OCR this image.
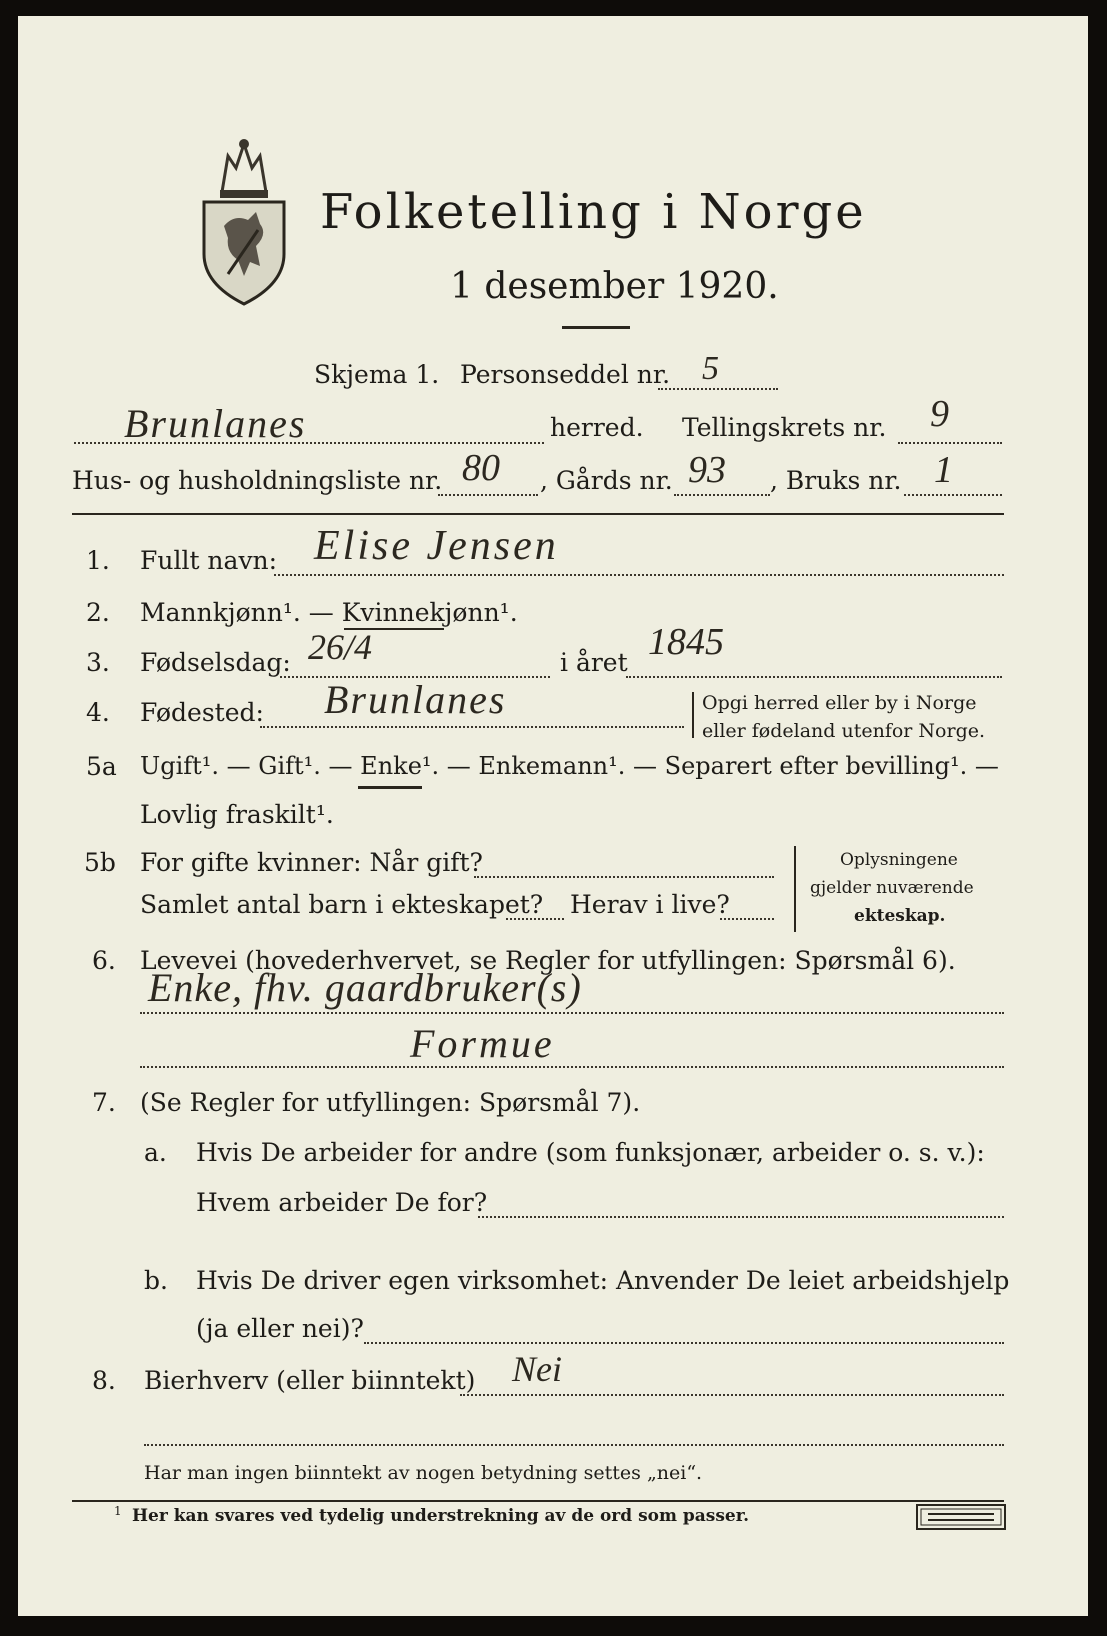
Folketelling i Norge
1 desember 1920.
Skjema 1. Personseddel nr. 5
Brunlanes	herred. Tellingskrets nr. 9
Hus- og husholdningsliste nr. 80 , Gårds nr. 93 , Bruks nr. 1
1. Fullt navn: Elise Jensen
2. Mannkjønn¹. — Kvinnekjønn¹.
3. Fødselsdag: 26/4	i året 1845
4. Fødested: Brunlanes	Opgi herred eller by i Norge
eller fødeland utenfor Norge.
5a Ugift¹. — Gift¹. — Enke¹. — Enkemann¹. — Separert efter bevilling¹. —
Lovlig fraskilt¹.
5b For gifte kvinner: Når gift?
Samlet antal barn i ekteskapet? Herav i live?
Oplysningene
gjelder nuværende
ekteskap.
6. Levevei (hovederhvervet, se Regler for utfyllingen: Spørsmål 6).
Enke, fhv. gaardbruker(s)
Formue
7. (Se Regler for utfyllingen: Spørsmål 7).
a. Hvis De arbeider for andre (som funksjonær, arbeider o. s. v.):
Hvem arbeider De for?
b. Hvis De driver egen virksomhet: Anvender De leiet arbeidshjelp
(ja eller nei)?
8. Bierhverv (eller biinntekt) Nei
Har man ingen biinntekt av nogen betydning settes „nei“.
1 Her kan svares ved tydelig understrekning av de ord som passer.
